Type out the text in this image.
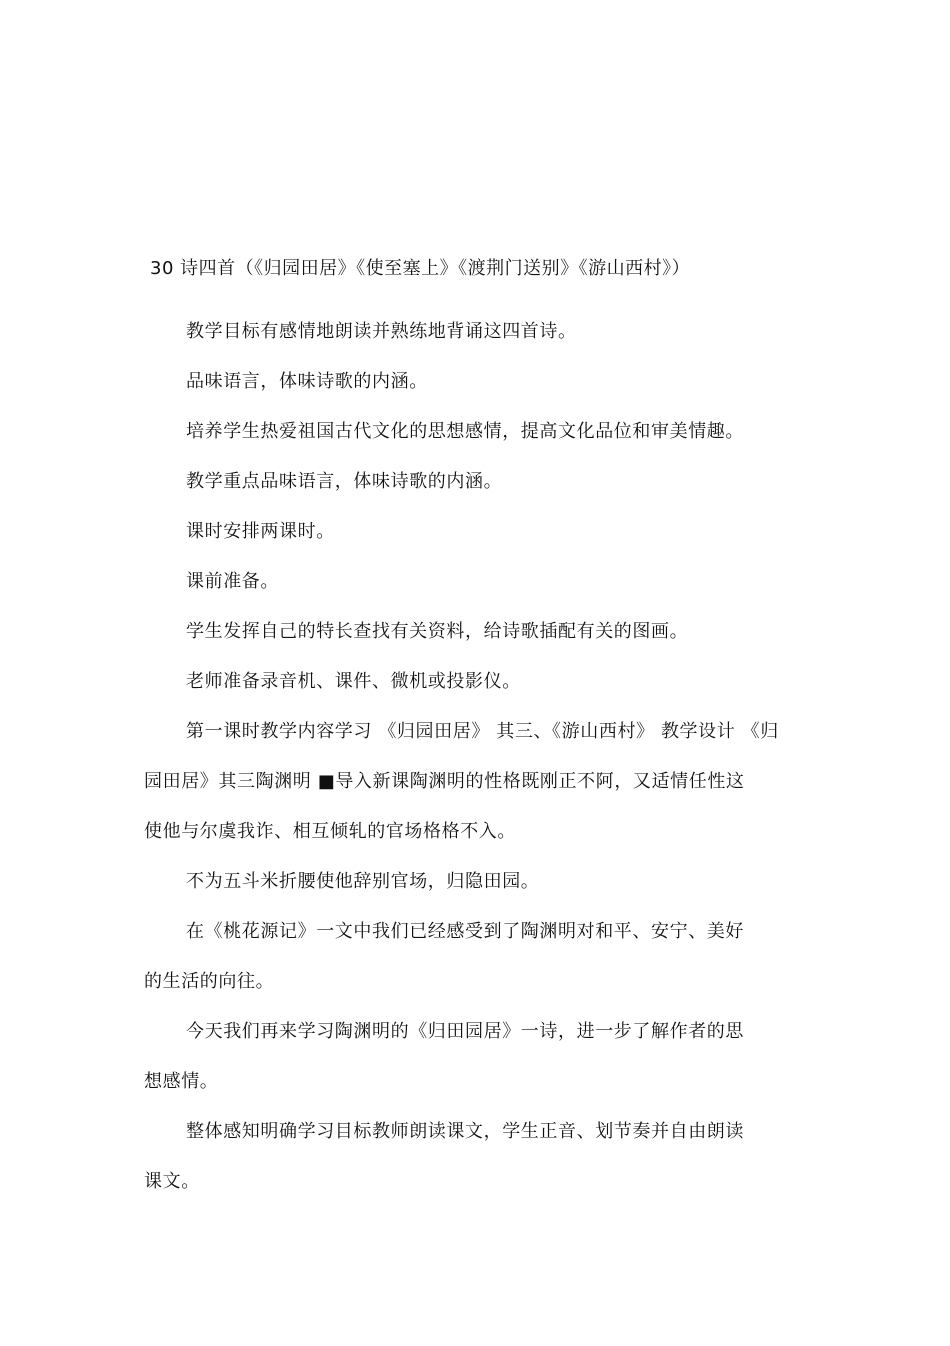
30 诗四首（《归园田居》《使至塞上》《渡荆门送别》《游山西村》）
教学目标有感情地朗读并熟练地背诵这四首诗。
品味语言，体味诗歌的内涵。
培养学生热爱祖国古代文化的思想感情，提高文化品位和审美情趣。
教学重点品味语言，体味诗歌的内涵。
课时安排两课时。
课前准备。
学生发挥自己的特长查找有关资料，给诗歌插配有关的图画。
老师准备录音机、课件、微机或投影仪。
第一课时教学内容学习 《归园田居》 其三、《游山西村》 教学设计 《归
园田居》其三陶渊明 ■导入新课陶渊明的性格既刚正不阿，又适情任性这
使他与尔虞我诈、相互倾轧的官场格格不入。
不为五斗米折腰使他辞别官场，归隐田园。
在《桃花源记》一文中我们已经感受到了陶渊明对和平、安宁、美好
的生活的向往。
今天我们再来学习陶渊明的《归田园居》一诗，进一步了解作者的思
想感情。
整体感知明确学习目标教师朗读课文，学生正音、划节奏并自由朗读
课文。
